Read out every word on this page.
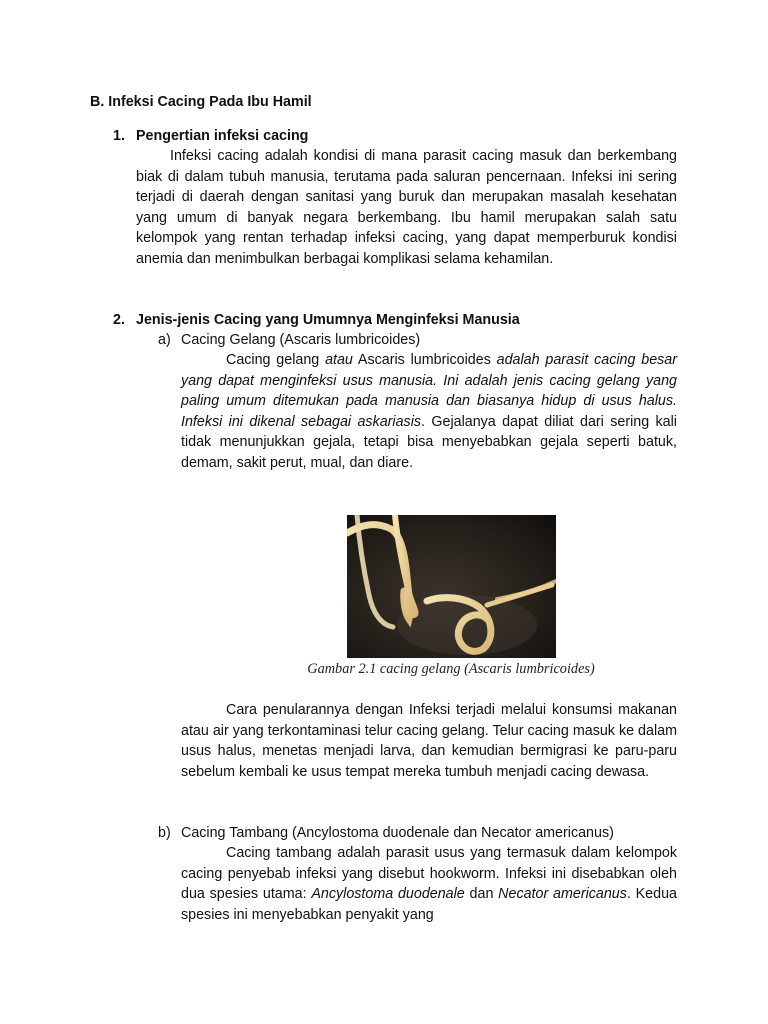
B. Infeksi Cacing Pada Ibu Hamil
1. Pengertian infeksi cacing

Infeksi cacing adalah kondisi di mana parasit cacing masuk dan berkembang biak di dalam tubuh manusia, terutama pada saluran pencernaan. Infeksi ini sering terjadi di daerah dengan sanitasi yang buruk dan merupakan masalah kesehatan yang umum di banyak negara berkembang. Ibu hamil merupakan salah satu kelompok yang rentan terhadap infeksi cacing, yang dapat memperburuk kondisi anemia dan menimbulkan berbagai komplikasi selama kehamilan.

2. Jenis-jenis Cacing yang Umumnya Menginfeksi Manusia
a) Cacing Gelang (Ascaris lumbricoides)

Cacing gelang atau Ascaris lumbricoides adalah parasit cacing besar yang dapat menginfeksi usus manusia. Ini adalah jenis cacing gelang yang paling umum ditemukan pada manusia dan biasanya hidup di usus halus. Infeksi ini dikenal sebagai askariasis. Gejalanya dapat diliat dari sering kali tidak menunjukkan gejala, tetapi bisa menyebabkan gejala seperti batuk, demam, sakit perut, mual, dan diare.

Gambar 2.1 cacing gelang (Ascaris lumbricoides)

Cara penularannya dengan Infeksi terjadi melalui konsumsi makanan atau air yang terkontaminasi telur cacing gelang. Telur cacing masuk ke dalam usus halus, menetas menjadi larva, dan kemudian bermigrasi ke paru-paru sebelum kembali ke usus tempat mereka tumbuh menjadi cacing dewasa.

b) Cacing Tambang (Ancylostoma duodenale dan Necator americanus)

Cacing tambang adalah parasit usus yang termasuk dalam kelompok cacing penyebab infeksi yang disebut hookworm. Infeksi ini disebabkan oleh dua spesies utama: Ancylostoma duodenale dan Necator americanus. Kedua spesies ini menyebabkan penyakit yang
